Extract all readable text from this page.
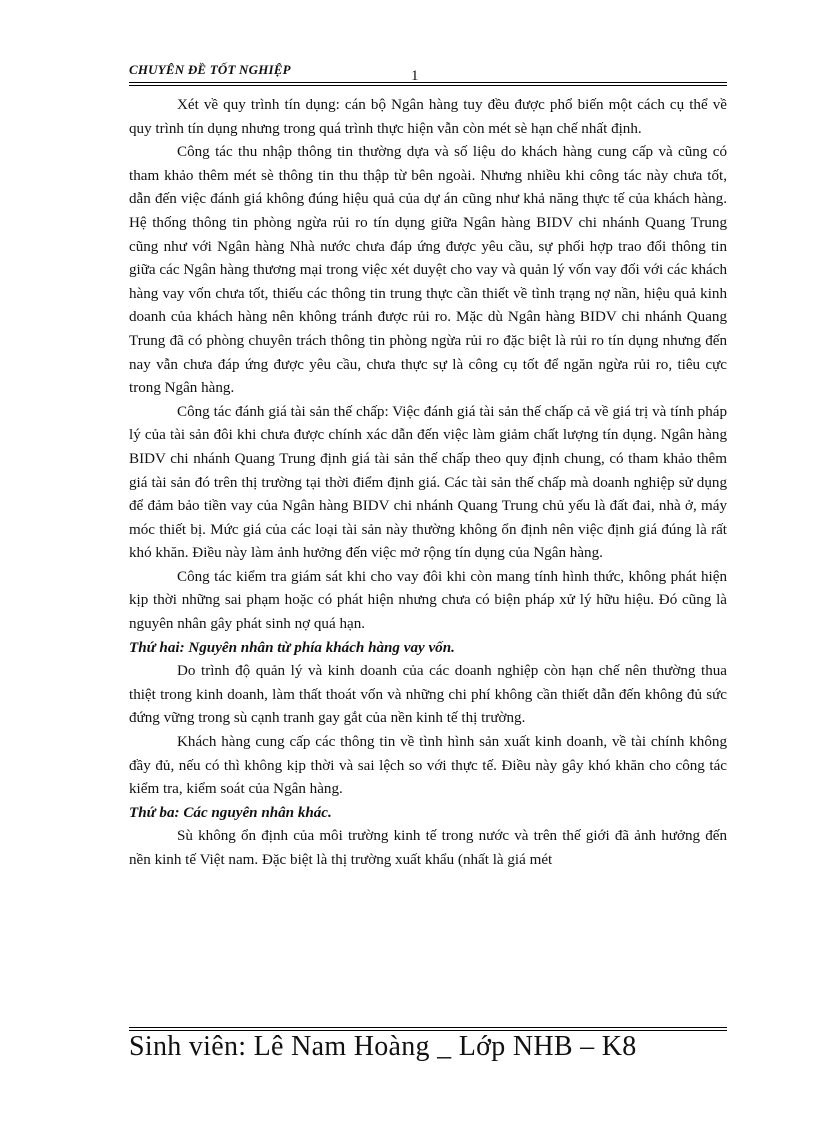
CHUYÊN ĐỀ TỐT NGHIỆP	1

Xét về quy trình tín dụng: cán bộ Ngân hàng tuy đều được phổ biến một cách cụ thể về quy trình tín dụng nhưng trong quá trình thực hiện vẫn còn mét sè hạn chế nhất định.

Công tác thu nhập thông tin thường dựa và số liệu do khách hàng cung cấp và cũng có tham khảo thêm mét sè thông tin thu thập từ bên ngoài. Nhưng nhiều khi công tác này chưa tốt, dẫn đến việc đánh giá không đúng hiệu quả của dự án cũng như khả năng thực tế của khách hàng. Hệ thống thông tin phòng ngừa rủi ro tín dụng giữa Ngân hàng BIDV chi nhánh Quang Trung cũng như với Ngân hàng Nhà nước chưa đáp ứng được yêu cầu, sự phối hợp trao đổi thông tin giữa các Ngân hàng thương mại trong việc xét duyệt cho vay và quản lý vốn vay đối với các khách hàng vay vốn chưa tốt, thiếu các thông tin trung thực cần thiết về tình trạng nợ nần, hiệu quả kinh doanh của khách hàng nên không tránh được rủi ro. Mặc dù Ngân hàng BIDV chi nhánh Quang Trung đã có phòng chuyên trách thông tin phòng ngừa rủi ro đặc biệt là rủi ro tín dụng nhưng đến nay vẫn chưa đáp ứng được yêu cầu, chưa thực sự là công cụ tốt để ngăn ngừa rủi ro, tiêu cực trong Ngân hàng.

Công tác đánh giá tài sản thế chấp: Việc đánh giá tài sản thế chấp cả về giá trị và tính pháp lý của tài sản đôi khi chưa được chính xác dẫn đến việc làm giảm chất lượng tín dụng. Ngân hàng BIDV chi nhánh Quang Trung định giá tài sản thế chấp theo quy định chung, có tham khảo thêm giá tài sản đó trên thị trường tại thời điểm định giá. Các tài sản thế chấp mà doanh nghiệp sử dụng để đảm bảo tiền vay của Ngân hàng BIDV chi nhánh Quang Trung chủ yếu là đất đai, nhà ở, máy móc thiết bị. Mức giá của các loại tài sản này thường không ổn định nên việc định giá đúng là rất khó khăn. Điều này làm ảnh hưởng đến việc mở rộng tín dụng của Ngân hàng.

Công tác kiểm tra giám sát khi cho vay đôi khi còn mang tính hình thức, không phát hiện kịp thời những sai phạm hoặc có phát hiện nhưng chưa có biện pháp xử lý hữu hiệu. Đó cũng là nguyên nhân gây phát sinh nợ quá hạn.

Thứ hai: Nguyên nhân từ phía khách hàng vay vốn.

Do trình độ quản lý và kinh doanh của các doanh nghiệp còn hạn chế nên thường thua thiệt trong kinh doanh, làm thất thoát vốn và những chi phí không cần thiết dẫn đến không đủ sức đứng vững trong sù cạnh tranh gay gắt của nền kinh tế thị trường.

Khách hàng cung cấp các thông tin về tình hình sản xuất kinh doanh, về tài chính không đầy đủ, nếu có thì không kịp thời và sai lệch so với thực tế. Điều này gây khó khăn cho công tác kiểm tra, kiểm soát của Ngân hàng.

Thứ ba: Các nguyên nhân khác.

Sù không ổn định của môi trường kinh tế trong nước và trên thế giới đã ảnh hưởng đến nền kinh tế Việt nam. Đặc biệt là thị trường xuất khẩu (nhất là giá mét

Sinh viên: Lê Nam Hoàng _ Lớp NHB – K8
